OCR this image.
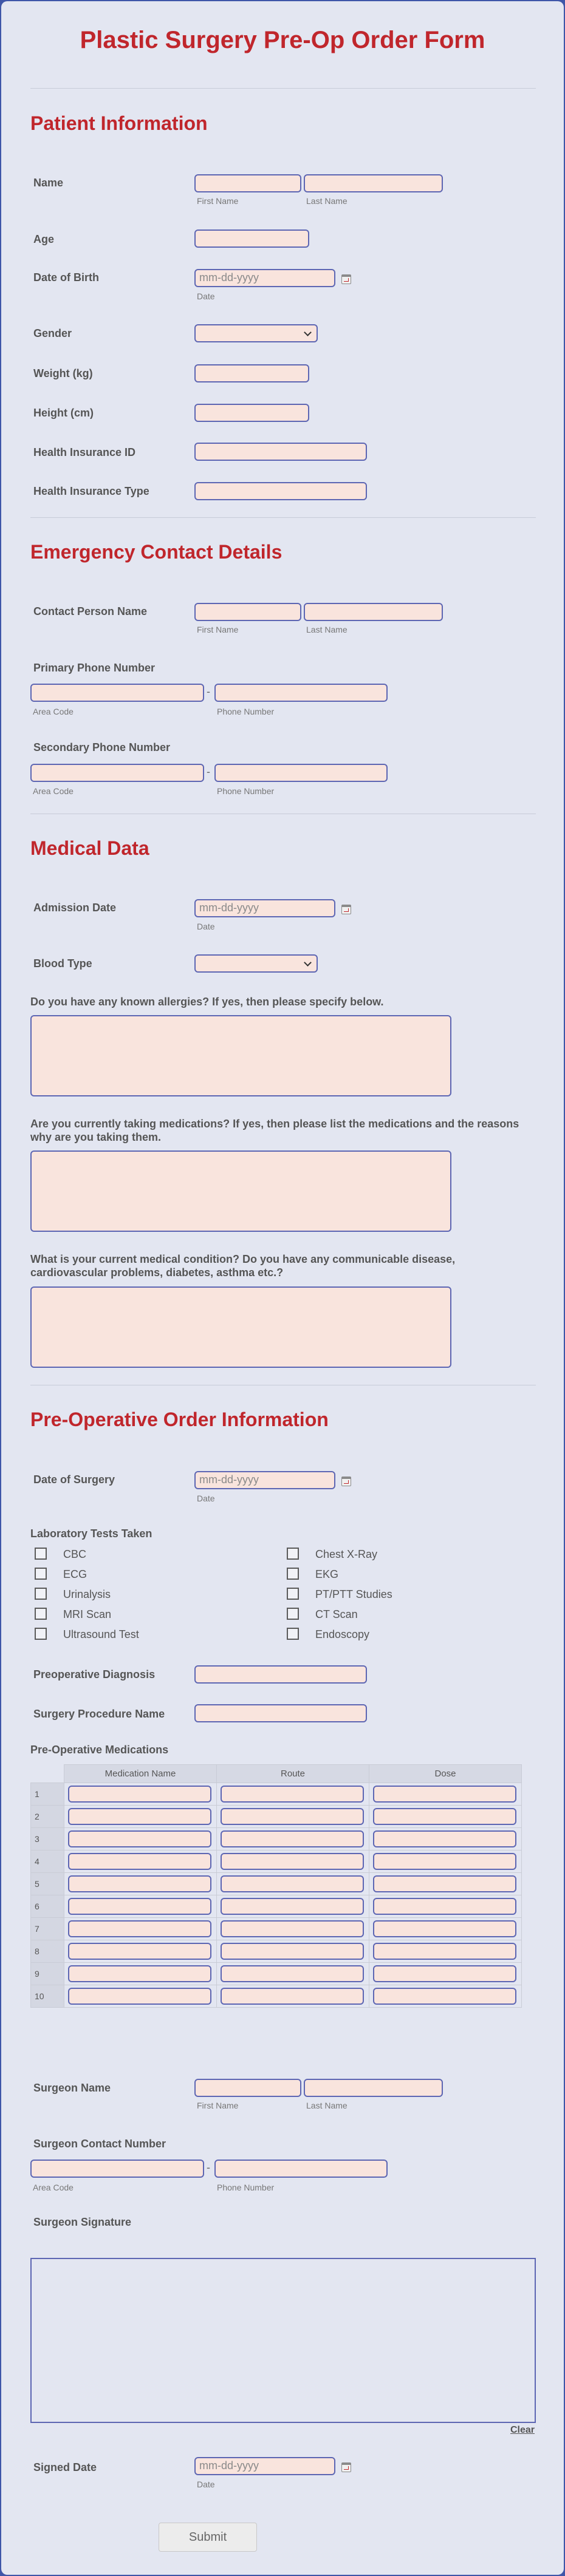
Plastic Surgery Pre-Op Order Form
Patient Information
Name
First Name	Last Name
Age
Date of Birth	mm-dd-yyyy
Date
Gender
Weight (kg)
Height (cm)
Health Insurance ID
Health Insurance Type
Emergency Contact Details
Contact Person Name
First Name	Last Name
Primary Phone Number
-
Area Code	Phone Number
Secondary Phone Number
-
Area Code	Phone Number
Medical Data
Admission Date	mm-dd-yyyy
Date
Blood Type
Do you have any known allergies? If yes, then please specify below.
Are you currently taking medications? If yes, then please list the medications and the reasons why are you taking them.
What is your current medical condition? Do you have any communicable disease, cardiovascular problems, diabetes, asthma etc.?
Pre-Operative Order Information
Date of Surgery	mm-dd-yyyy
Date
Laboratory Tests Taken
CBC
ECG
Urinalysis
MRI Scan
Ultrasound Test
Chest X-Ray
EKG
PT/PTT Studies
CT Scan
Endoscopy
Preoperative Diagnosis
Surgery Procedure Name
Pre-Operative Medications
	Medication Name	Route	Dose
1	

2	

3	

4	

5	

6	

7	

8	

9	

10	

Surgeon Name
First Name	Last Name
Surgeon Contact Number
-
Area Code	Phone Number
Surgeon Signature
Clear
Signed Date	mm-dd-yyyy
Date
Submit
